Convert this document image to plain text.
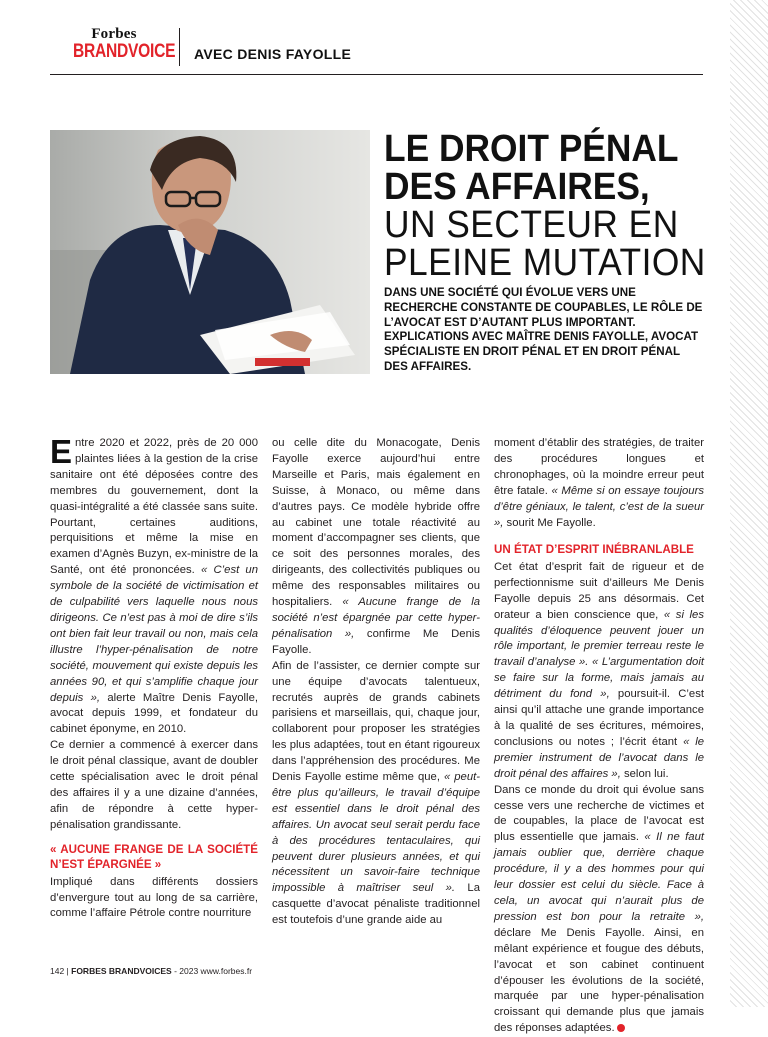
Forbes
BRANDVOICE AVEC DENIS FAYOLLE
LE DROIT PÉNAL
DES AFFAIRES,
UN SECTEUR EN
PLEINE MUTATION
DANS UNE SOCIÉTÉ QUI ÉVOLUE VERS UNE RECHERCHE CONSTANTE DE COUPABLES, LE RÔLE DE L’AVOCAT EST D’AUTANT PLUS IMPORTANT. EXPLICATIONS AVEC MAÎTRE DENIS FAYOLLE, AVOCAT SPÉCIALISTE EN DROIT PÉNAL ET EN DROIT PÉNAL DES AFFAIRES.

Entre 2020 et 2022, près de 20 000 plaintes liées à la gestion de la crise sanitaire ont été déposées contre des membres du gouvernement, dont la quasi-intégralité a été classée sans suite. Pourtant, certaines auditions, perquisitions et même la mise en examen d’Agnès Buzyn, ex-ministre de la Santé, ont été prononcées. « C’est un symbole de la société de victimisation et de culpabilité vers laquelle nous nous dirigeons. Ce n’est pas à moi de dire s’ils ont bien fait leur travail ou non, mais cela illustre l’hyper-pénalisation de notre société, mouvement qui existe depuis les années 90, et qui s’amplifie chaque jour depuis », alerte Maître Denis Fayolle, avocat depuis 1999, et fondateur du cabinet éponyme, en 2010.

Ce dernier a commencé à exercer dans le droit pénal classique, avant de doubler cette spécialisation avec le droit pénal des affaires il y a une dizaine d’années, afin de répondre à cette hyper-pénalisation grandissante.

« AUCUNE FRANGE DE LA SOCIÉTÉ N’EST ÉPARGNÉE »

Impliqué dans différents dossiers d’envergure tout au long de sa carrière, comme l’affaire Pétrole contre nourriture

ou celle dite du Monacogate, Denis Fayolle exerce aujourd’hui entre Marseille et Paris, mais également en Suisse, à Monaco, ou même dans d’autres pays. Ce modèle hybride offre au cabinet une totale réactivité au moment d’accompagner ses clients, que ce soit des personnes morales, des dirigeants, des collectivités publiques ou même des responsables militaires ou hospitaliers. « Aucune frange de la société n’est épargnée par cette hyper-pénalisation », confirme Me Denis Fayolle.

Afin de l’assister, ce dernier compte sur une équipe d’avocats talentueux, recrutés auprès de grands cabinets parisiens et marseillais, qui, chaque jour, collaborent pour proposer les stratégies les plus adaptées, tout en étant rigoureux dans l’appréhension des procédures. Me Denis Fayolle estime même que, « peut-être plus qu’ailleurs, le travail d’équipe est essentiel dans le droit pénal des affaires. Un avocat seul serait perdu face à des procédures tentaculaires, qui peuvent durer plusieurs années, et qui nécessitent un savoir-faire technique impossible à maîtriser seul ». La casquette d’avocat pénaliste traditionnel est toutefois d’une grande aide au

moment d’établir des stratégies, de traiter des procédures longues et chronophages, où la moindre erreur peut être fatale. « Même si on essaye toujours d’être géniaux, le talent, c’est de la sueur », sourit Me Fayolle.

UN ÉTAT D’ESPRIT INÉBRANLABLE

Cet état d’esprit fait de rigueur et de perfectionnisme suit d’ailleurs Me Denis Fayolle depuis 25 ans désormais. Cet orateur a bien conscience que, « si les qualités d’éloquence peuvent jouer un rôle important, le premier terreau reste le travail d’analyse ». « L’argumentation doit se faire sur la forme, mais jamais au détriment du fond », poursuit-il. C’est ainsi qu’il attache une grande importance à la qualité de ses écritures, mémoires, conclusions ou notes ; l’écrit étant « le premier instrument de l’avocat dans le droit pénal des affaires », selon lui.

Dans ce monde du droit qui évolue sans cesse vers une recherche de victimes et de coupables, la place de l’avocat est plus essentielle que jamais. « Il ne faut jamais oublier que, derrière chaque procédure, il y a des hommes pour qui leur dossier est celui du siècle. Face à cela, un avocat qui n’aurait plus de pression est bon pour la retraite », déclare Me Denis Fayolle. Ainsi, en mêlant expérience et fougue des débuts, l’avocat et son cabinet continuent d’épouser les évolutions de la société, marquée par une hyper-pénalisation croissant qui demande plus que jamais des réponses adaptées.

142 | FORBES BRANDVOICES - 2023 www.forbes.fr
